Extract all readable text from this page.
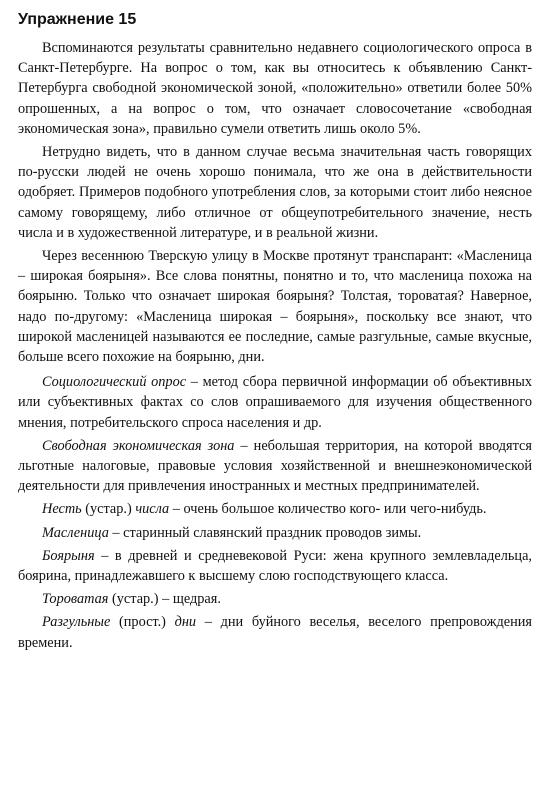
Упражнение 15

Вспоминаются результаты сравнительно недавнего социологического опроса в Санкт-Петербурге. На вопрос о том, как вы относитесь к объявлению Санкт-Петербурга свободной экономической зоной, «положительно» ответили более 50% опрошенных, а на вопрос о том, что означает словосочетание «свободная экономическая зона», правильно сумели ответить лишь около 5%.

Нетрудно видеть, что в данном случае весьма значительная часть говорящих по-русски людей не очень хорошо понимала, что же она в действительности одобряет. Примеров подобного употребления слов, за которыми стоит либо неясное самому говорящему, либо отличное от общеупотребительного значение, несть числа и в художественной литературе, и в реальной жизни.

Через весеннюю Тверскую улицу в Москве протянут транспарант: «Масленица – широкая боярыня». Все слова понятны, понятно и то, что масленица похожа на боярыню. Только что означает широкая боярыня? Толстая, тороватая? Наверное, надо по-другому: «Масленица широкая – боярыня», поскольку все знают, что широкой масленицей называются ее последние, самые разгульные, самые вкусные, больше всего похожие на боярыню, дни.

Социологический опрос – метод сбора первичной информации об объективных или субъективных фактах со слов опрашиваемого для изучения общественного мнения, потребительского спроса населения и др.

Свободная экономическая зона – небольшая территория, на которой вводятся льготные налоговые, правовые условия хозяйственной и внешнеэкономической деятельности для привлечения иностранных и местных предпринимателей.

Несть (устар.) числа – очень большое количество кого- или чего-нибудь.

Масленица – старинный славянский праздник проводов зимы.

Боярыня – в древней и средневековой Руси: жена крупного землевладельца, боярина, принадлежавшего к высшему слою господствующего класса.

Тороватая (устар.) – щедрая.

Разгульные (прост.) дни – дни буйного веселья, веселого препровождения времени.
